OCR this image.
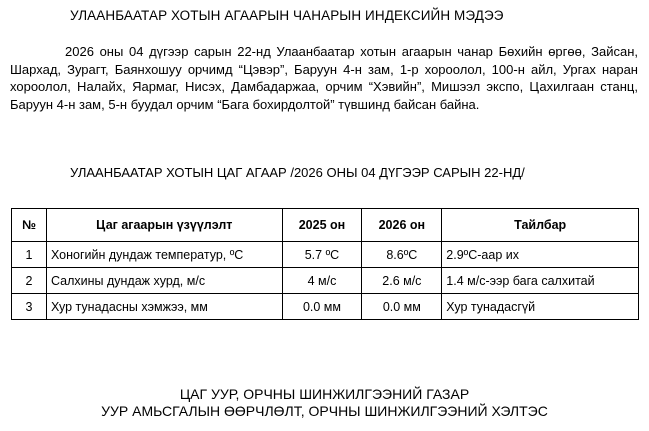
УЛААНБААТАР ХОТЫН АГААРЫН ЧАНАРЫН ИНДЕКСИЙН МЭДЭЭ
2026 оны 04 дүгээр сарын 22-нд Улаанбаатар хотын агаарын чанар Бөхийн өргөө, Зайсан, Шархад, Зурагт, Баянхошуу орчимд “Цэвэр”, Баруун 4-н зам, 1-р хороолол, 100-н айл, Ургах наран хороолол, Налайх, Яармаг, Нисэх, Дамбадаржаа, орчим “Хэвийн”, Мишээл экспо, Цахилгаан станц, Баруун 4-н зам, 5-н буудал орчим “Бага бохирдолтой” түвшинд байсан байна.
УЛААНБААТАР ХОТЫН ЦАГ АГААР /2026 ОНЫ 04 ДҮГЭЭР САРЫН 22-НД/
№	Цаг агаарын үзүүлэлт	2025 он	2026 он	Тайлбар
1	Хоногийн дундаж температур, ºC	5.7 ºC	8.6ºC	2.9ºC-аар их
2	Салхины дундаж хурд, м/с	4 м/с	2.6 м/с	1.4 м/с-ээр бага салхитай
3	Хур тунадасны хэмжээ, мм	0.0 мм	0.0 мм	Хур тунадасгүй
ЦАГ УУР, ОРЧНЫ ШИНЖИЛГЭЭНИЙ ГАЗАР
УУР АМЬСГАЛЫН ӨӨРЧЛӨЛТ, ОРЧНЫ ШИНЖИЛГЭЭНИЙ ХЭЛТЭС
